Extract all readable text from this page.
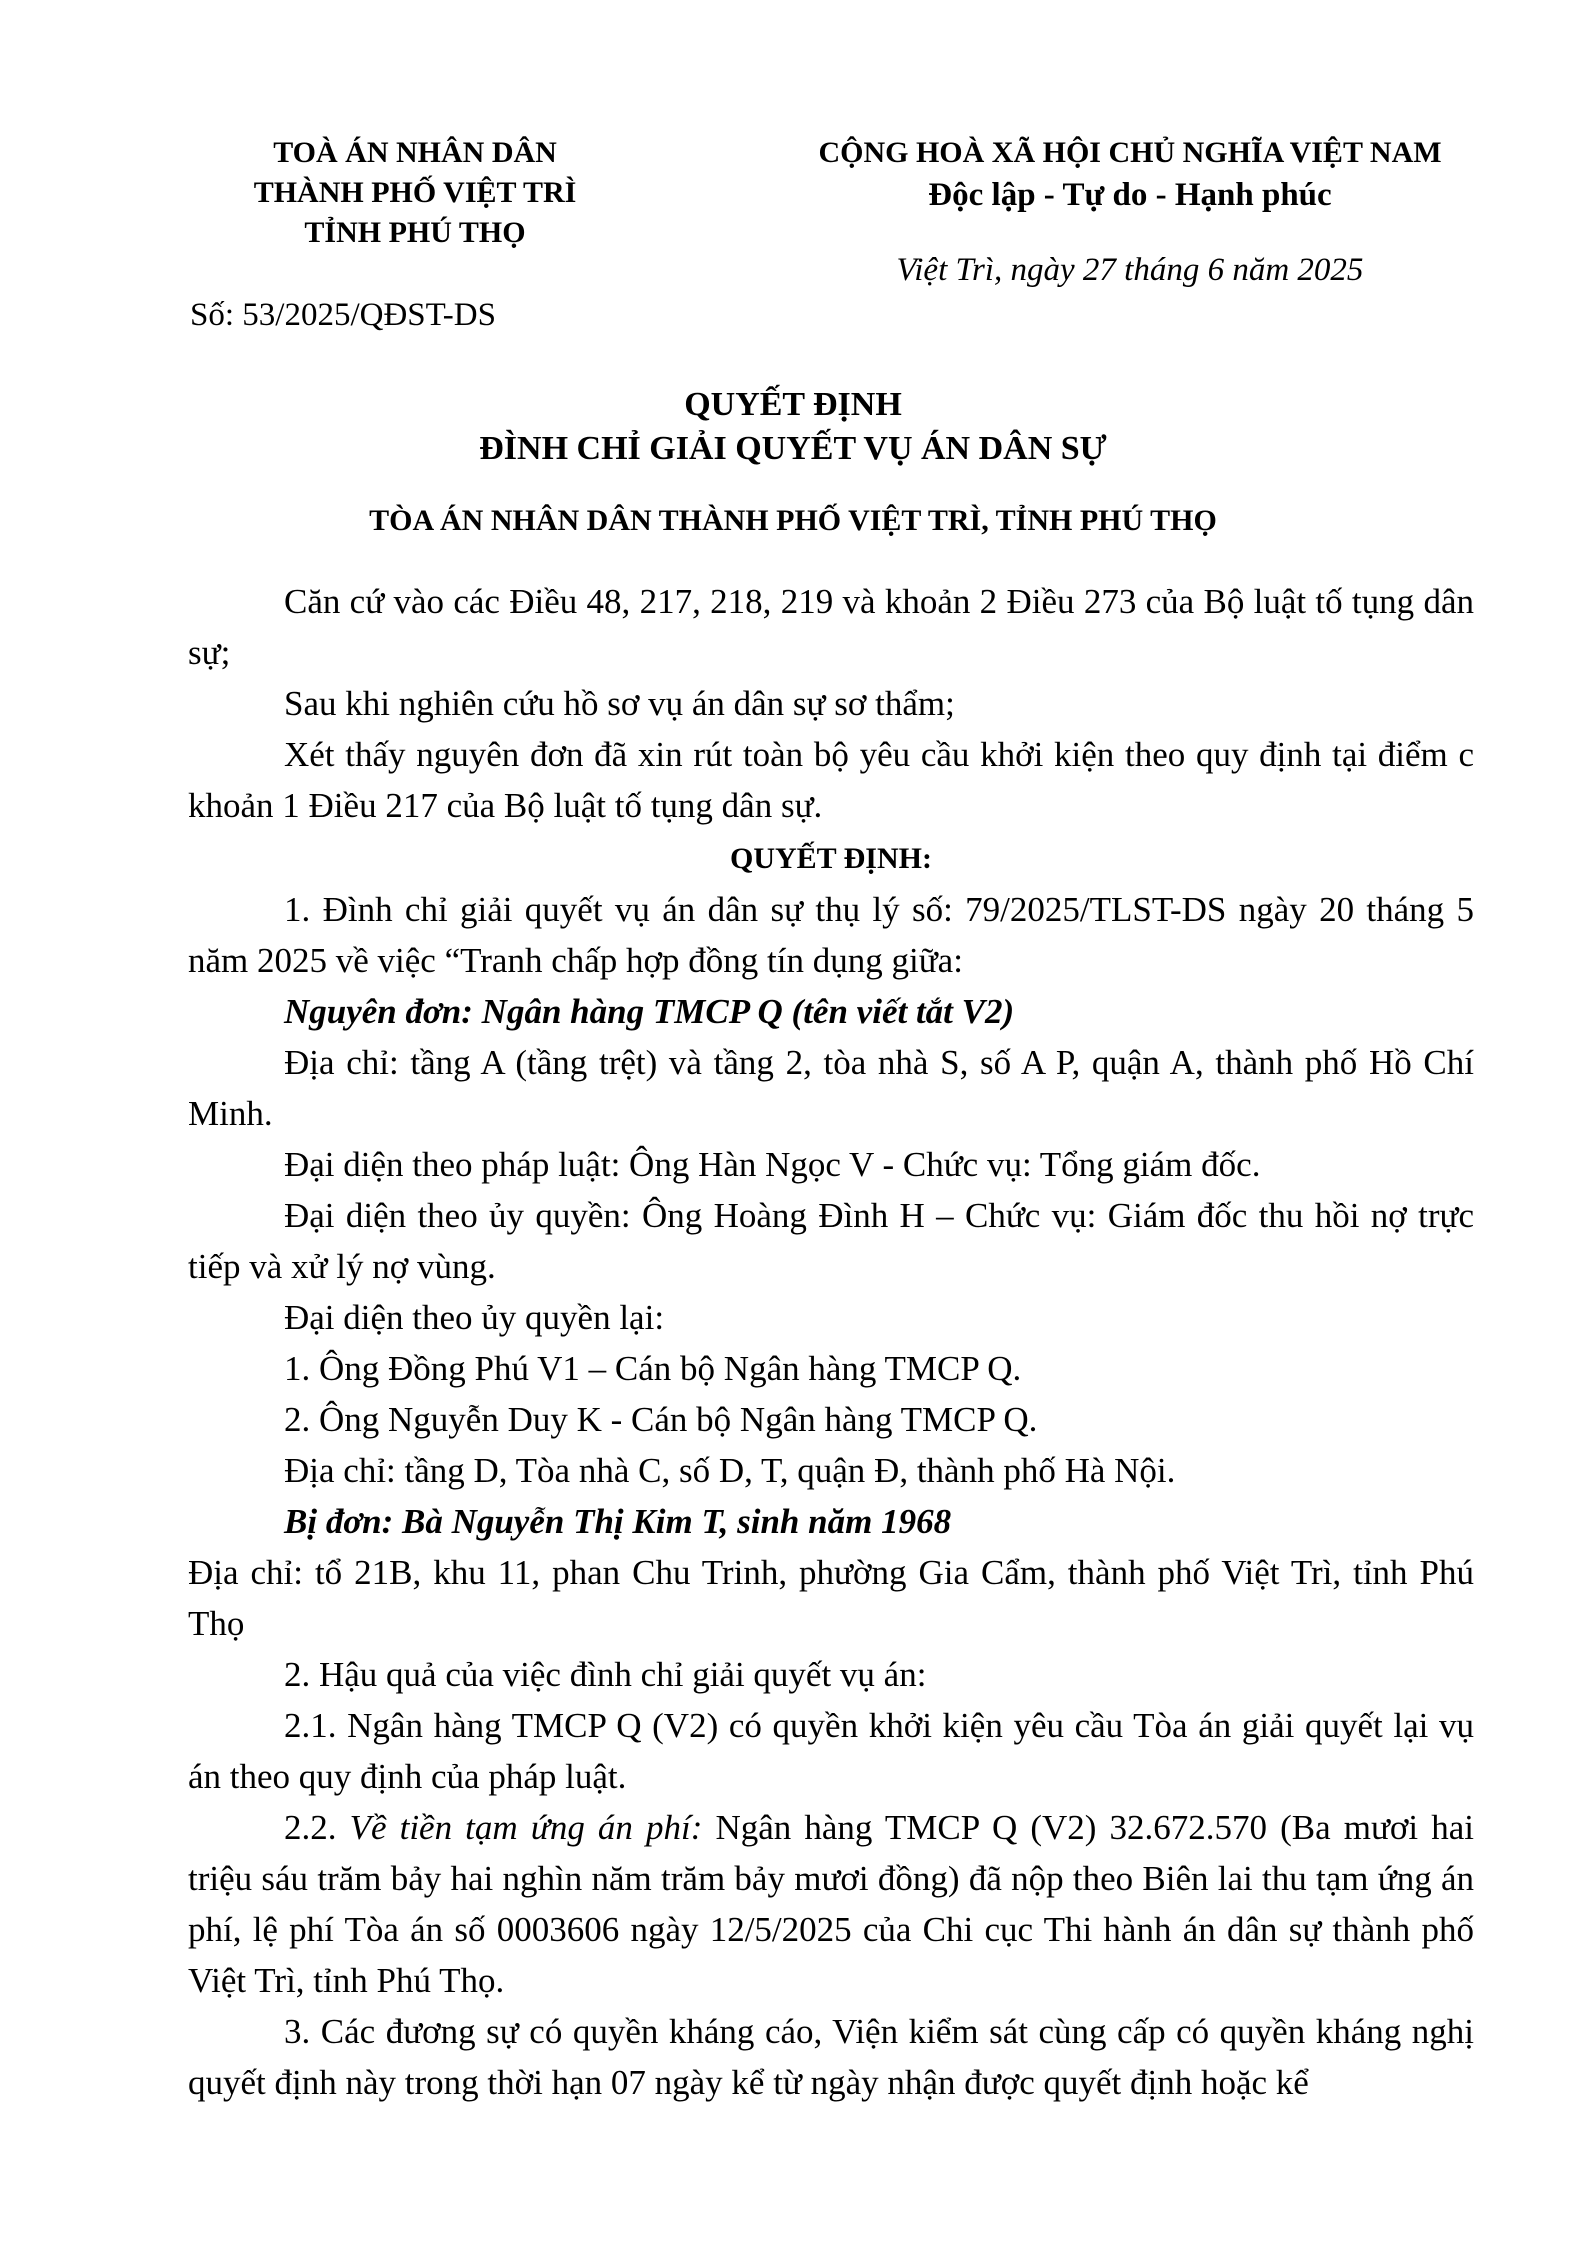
TOÀ ÁN NHÂN DÂN
THÀNH PHỐ VIỆT TRÌ
TỈNH PHÚ THỌ
Số: 53/2025/QĐST-DS
CỘNG HOÀ XÃ HỘI CHỦ NGHĨA VIỆT NAM
Độc lập - Tự do - Hạnh phúc
Việt Trì, ngày 27 tháng 6 năm 2025
QUYẾT ĐỊNH
ĐÌNH CHỈ GIẢI QUYẾT VỤ ÁN DÂN SỰ
TÒA ÁN NHÂN DÂN THÀNH PHỐ VIỆT TRÌ, TỈNH PHÚ THỌ
Căn cứ vào các Điều 48, 217, 218, 219 và khoản 2 Điều 273 của Bộ luật tố tụng dân sự;
Sau khi nghiên cứu hồ sơ vụ án dân sự sơ thẩm;
Xét thấy nguyên đơn đã xin rút toàn bộ yêu cầu khởi kiện theo quy định tại điểm c khoản 1 Điều 217 của Bộ luật tố tụng dân sự.
QUYẾT ĐỊNH:
1. Đình chỉ giải quyết vụ án dân sự thụ lý số: 79/2025/TLST-DS ngày 20 tháng 5 năm 2025 về việc “Tranh chấp hợp đồng tín dụng giữa:
Nguyên đơn: Ngân hàng TMCP Q (tên viết tắt V2)
Địa chỉ: tầng A (tầng trệt) và tầng 2, tòa nhà S, số A P, quận A, thành phố Hồ Chí Minh.
Đại diện theo pháp luật: Ông Hàn Ngọc V - Chức vụ: Tổng giám đốc.
Đại diện theo ủy quyền: Ông Hoàng Đình H – Chức vụ: Giám đốc thu hồi nợ trực tiếp và xử lý nợ vùng.
Đại diện theo ủy quyền lại:
1. Ông Đồng Phú V1 – Cán bộ Ngân hàng TMCP Q.
2. Ông Nguyễn Duy K - Cán bộ Ngân hàng TMCP Q.
Địa chỉ: tầng D, Tòa nhà C, số D, T, quận Đ, thành phố Hà Nội.
Bị đơn: Bà Nguyễn Thị Kim T, sinh năm 1968
Địa chỉ: tổ 21B, khu 11, phan Chu Trinh, phường Gia Cẩm, thành phố Việt Trì, tỉnh Phú Thọ
2. Hậu quả của việc đình chỉ giải quyết vụ án:
2.1. Ngân hàng TMCP Q (V2) có quyền khởi kiện yêu cầu Tòa án giải quyết lại vụ án theo quy định của pháp luật.
2.2. Về tiền tạm ứng án phí: Ngân hàng TMCP Q (V2) 32.672.570 (Ba mươi hai triệu sáu trăm bảy hai nghìn năm trăm bảy mươi đồng) đã nộp theo Biên lai thu tạm ứng án phí, lệ phí Tòa án số 0003606 ngày 12/5/2025 của Chi cục Thi hành án dân sự thành phố Việt Trì, tỉnh Phú Thọ.
3. Các đương sự có quyền kháng cáo, Viện kiểm sát cùng cấp có quyền kháng nghị quyết định này trong thời hạn 07 ngày kể từ ngày nhận được quyết định hoặc kể
